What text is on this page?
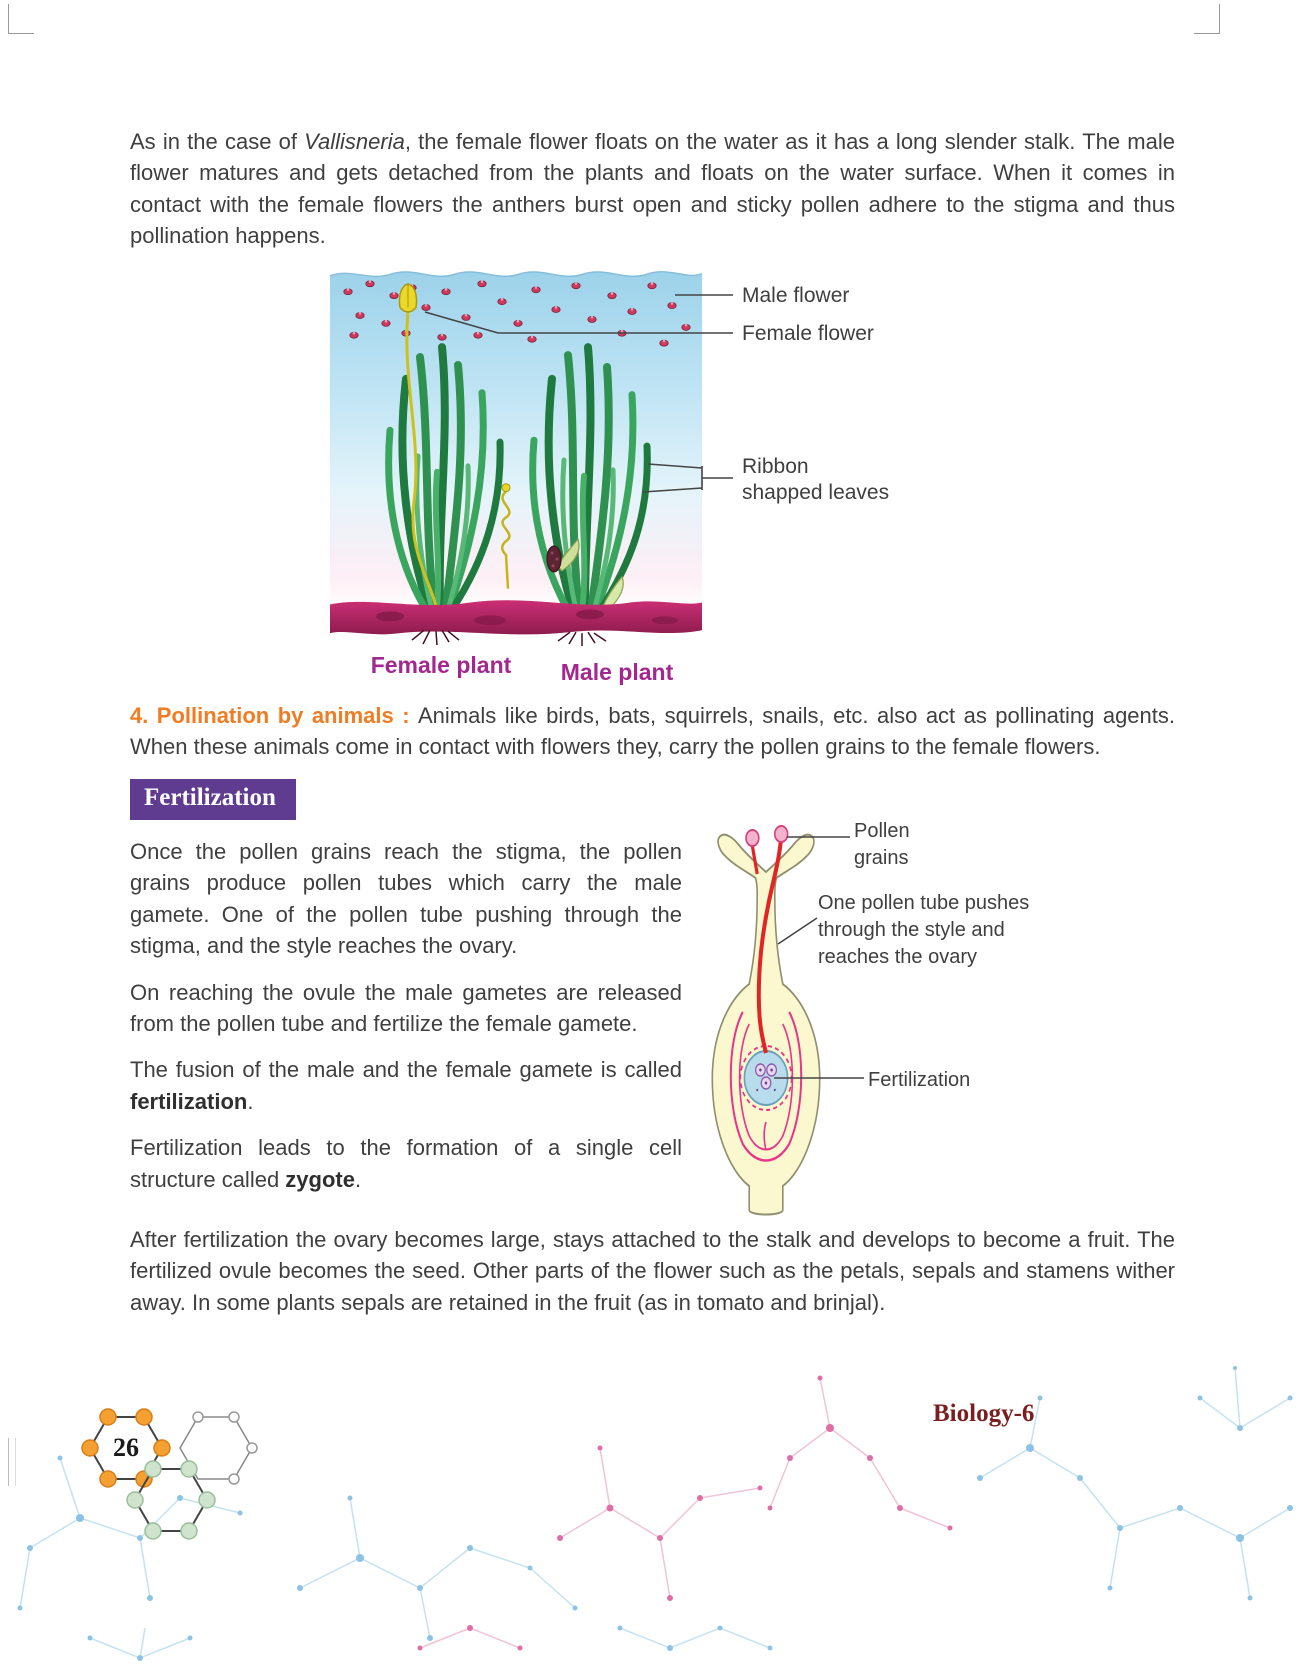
26
Biology-6

As in the case of Vallisneria, the female flower floats on the water as it has a long slender stalk. The male flower matures and gets detached from the plants and floats on the water surface. When it comes in contact with the female flowers the anthers burst open and sticky pollen adhere to the stigma and thus pollination happens.

Male flower
Female flower
Ribbon
shapped leaves
Female plant	Male plant

4. Pollination by animals : Animals like birds, bats, squirrels, snails, etc. also act as pollinating agents. When these animals come in contact with flowers they, carry the pollen grains to the female flowers.

Fertilization

Once the pollen grains reach the stigma, the pollen grains produce pollen tubes which carry the male gamete. One of the pollen tube pushing through the stigma, and the style reaches the ovary.

On reaching the ovule the male gametes are released from the pollen tube and fertilize the female gamete.

The fusion of the male and the female gamete is called fertilization.

Fertilization leads to the formation of a single cell structure called zygote.

Pollen
grains
One pollen tube pushes
through the style and
reaches the ovary
Fertilization

After fertilization the ovary becomes large, stays attached to the stalk and develops to become a fruit. The fertilized ovule becomes the seed. Other parts of the flower such as the petals, sepals and stamens wither away. In some plants sepals are retained in the fruit (as in tomato and brinjal).
